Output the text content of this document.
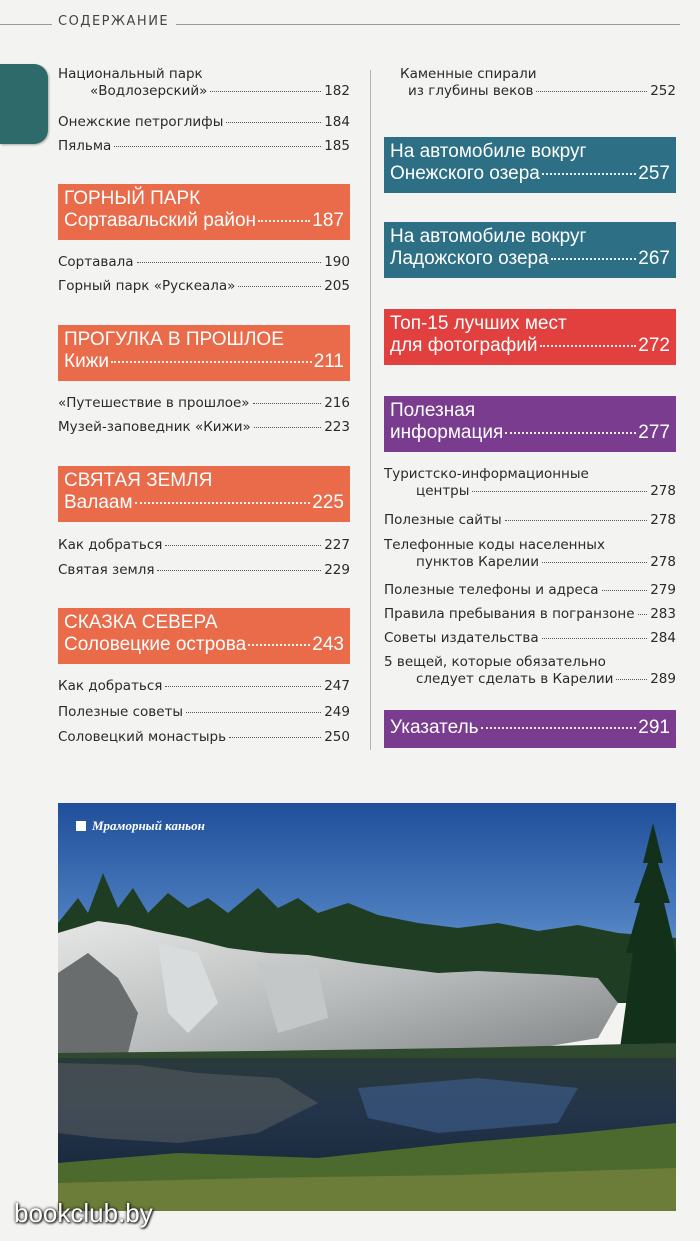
СОДЕРЖАНИЕ
Национальный парк
«Водлозерский»	182
Онежские петроглифы	184
Пяльма	185
ГОРНЫЙ ПАРК
Сортавальский район	187
Сортавала	190
Горный парк «Рускеала»	205
ПРОГУЛКА В ПРОШЛОЕ
Кижи	211
«Путешествие в прошлое»	216
Музей-заповедник «Кижи»	223
СВЯТАЯ ЗЕМЛЯ
Валаам	225
Как добраться	227
Святая земля	229
СКАЗКА СЕВЕРА
Соловецкие острова	243
Как добраться	247
Полезные советы	249
Соловецкий монастырь	250
Каменные спирали
из глубины веков	252
На автомобиле вокруг
Онежского озера	257
На автомобиле вокруг
Ладожского озера	267
Топ-15 лучших мест
для фотографий	272
Полезная
информация	277
Туристско-информационные
центры	278
Полезные сайты	278
Телефонные коды населенных
пунктов Карелии	278
Полезные телефоны и адреса	279
Правила пребывания в погранзоне 283
Советы издательства	284
5 вещей, которые обязательно
следует сделать в Карелии	289
Указатель	291
Мраморный каньон
bookclub.by
